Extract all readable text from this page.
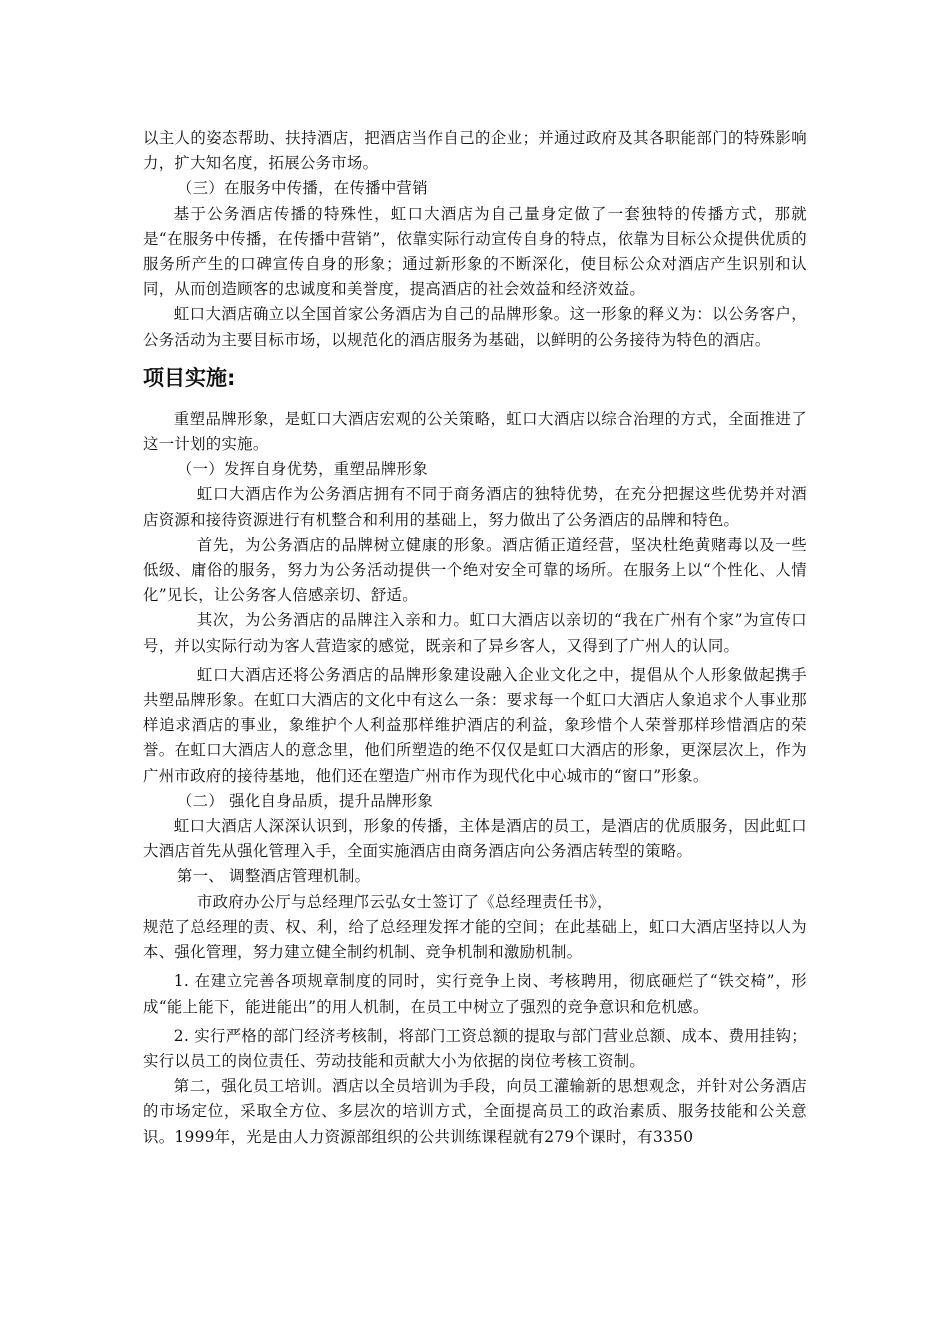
以主人的姿态帮助、扶持酒店，把酒店当作自己的企业；并通过政府及其各职能部门的特殊影响力，扩大知名度，拓展公务市场。

（三）在服务中传播，在传播中营销

基于公务酒店传播的特殊性，虹口大酒店为自己量身定做了一套独特的传播方式，那就是“在服务中传播，在传播中营销”，依靠实际行动宣传自身的特点，依靠为目标公众提供优质的服务所产生的口碑宣传自身的形象；通过新形象的不断深化，使目标公众对酒店产生识别和认同，从而创造顾客的忠诚度和美誉度，提高酒店的社会效益和经济效益。

虹口大酒店确立以全国首家公务酒店为自己的品牌形象。这一形象的释义为：以公务客户，公务活动为主要目标市场，以规范化的酒店服务为基础，以鲜明的公务接待为特色的酒店。

项目实施:

重塑品牌形象，是虹口大酒店宏观的公关策略，虹口大酒店以综合治理的方式，全面推进了这一计划的实施。

（一）发挥自身优势，重塑品牌形象

虹口大酒店作为公务酒店拥有不同于商务酒店的独特优势，在充分把握这些优势并对酒店资源和接待资源进行有机整合和利用的基础上，努力做出了公务酒店的品牌和特色。

首先，为公务酒店的品牌树立健康的形象。酒店循正道经营，坚决杜绝黄赌毒以及一些低级、庸俗的服务，努力为公务活动提供一个绝对安全可靠的场所。在服务上以“个性化、人情化”见长，让公务客人倍感亲切、舒适。

其次，为公务酒店的品牌注入亲和力。虹口大酒店以亲切的“我在广州有个家”为宣传口号，并以实际行动为客人营造家的感觉，既亲和了异乡客人，又得到了广州人的认同。

虹口大酒店还将公务酒店的品牌形象建设融入企业文化之中，提倡从个人形象做起携手共塑品牌形象。在虹口大酒店的文化中有这么一条：要求每一个虹口大酒店人象追求个人事业那样追求酒店的事业，象维护个人利益那样维护酒店的利益，象珍惜个人荣誉那样珍惜酒店的荣誉。在虹口大酒店人的意念里，他们所塑造的绝不仅仅是虹口大酒店的形象，更深层次上，作为广州市政府的接待基地，他们还在塑造广州市作为现代化中心城市的“窗口”形象。

（二） 强化自身品质，提升品牌形象

虹口大酒店人深深认识到，形象的传播，主体是酒店的员工，是酒店的优质服务，因此虹口大酒店首先从强化管理入手，全面实施酒店由商务酒店向公务酒店转型的策略。

第一、 调整酒店管理机制。

市政府办公厅与总经理邝云弘女士签订了《总经理责任书》，

规范了总经理的责、权、利，给了总经理发挥才能的空间；在此基础上，虹口大酒店坚持以人为本、强化管理，努力建立健全制约机制、竞争机制和激励机制。

1. 在建立完善各项规章制度的同时，实行竞争上岗、考核聘用，彻底砸烂了“铁交椅”，形成“能上能下，能进能出”的用人机制，在员工中树立了强烈的竞争意识和危机感。

2. 实行严格的部门经济考核制，将部门工资总额的提取与部门营业总额、成本、费用挂钩；实行以员工的岗位责任、劳动技能和贡献大小为依据的岗位考核工资制。

第二，强化员工培训。酒店以全员培训为手段，向员工灌输新的思想观念，并针对公务酒店的市场定位，采取全方位、多层次的培训方式，全面提高员工的政治素质、服务技能和公关意识。1999年，光是由人力资源部组织的公共训练课程就有279个课时，有3350
